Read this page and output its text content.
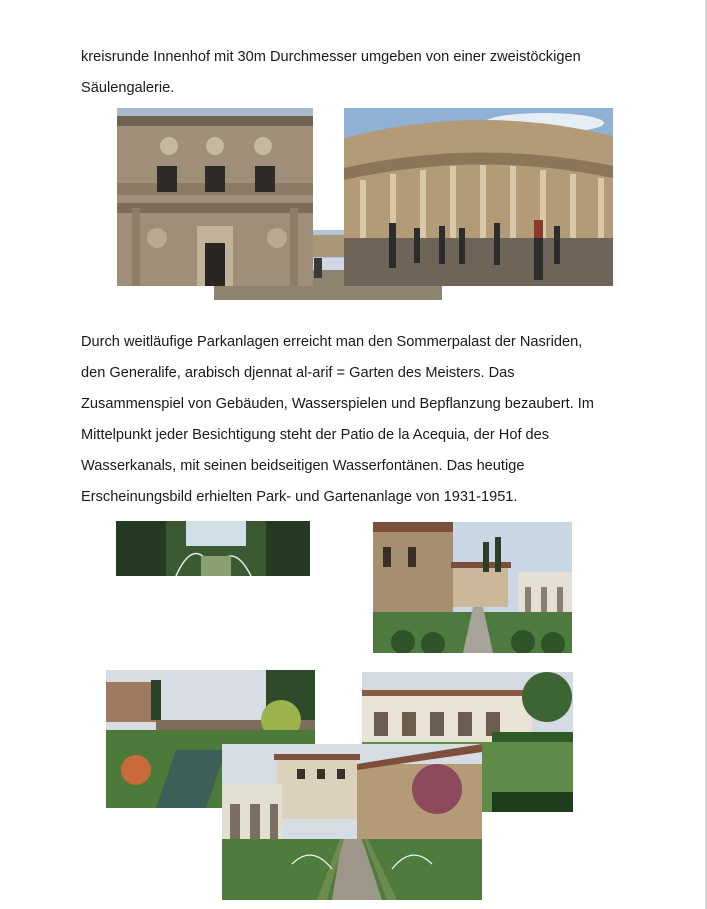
kreisrunde Innenhof mit 30m Durchmesser umgeben von einer zweistöckigen
Säulengalerie.
Durch weitläufige Parkanlagen erreicht man den Sommerpalast der Nasriden,
den Generalife, arabisch djennat al-arif = Garten des Meisters. Das
Zusammenspiel von Gebäuden, Wasserspielen und Bepflanzung bezaubert. Im
Mittelpunkt jeder Besichtigung steht der Patio de la Acequia, der Hof des
Wasserkanals, mit seinen beidseitigen Wasserfontänen. Das heutige
Erscheinungsbild erhielten Park- und Gartenanlage von 1931-1951.
